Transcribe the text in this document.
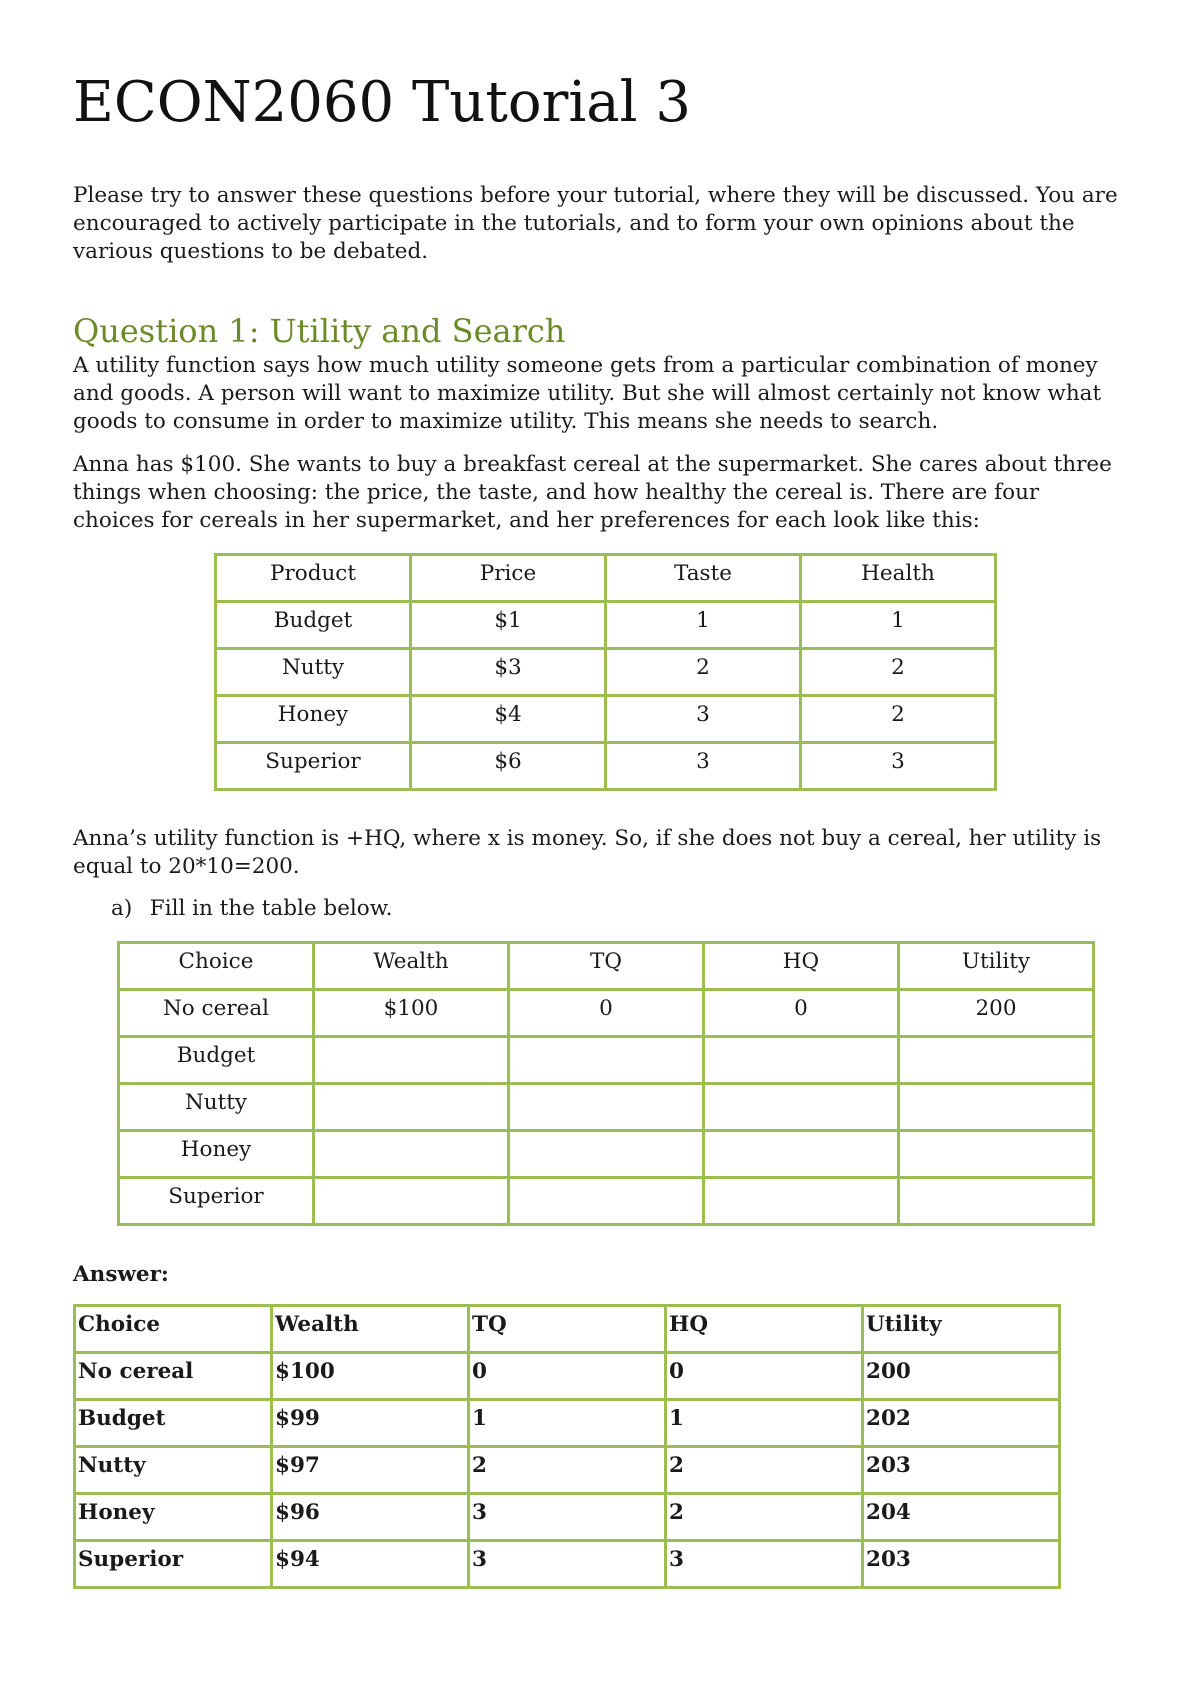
ECON2060 Tutorial 3

Please try to answer these questions before your tutorial, where they will be discussed. You are encouraged to actively participate in the tutorials, and to form your own opinions about the various questions to be debated.

Question 1: Utility and Search

A utility function says how much utility someone gets from a particular combination of money and goods. A person will want to maximize utility. But she will almost certainly not know what goods to consume in order to maximize utility. This means she needs to search.

Anna has $100. She wants to buy a breakfast cereal at the supermarket. She cares about three things when choosing: the price, the taste, and how healthy the cereal is. There are four choices for cereals in her supermarket, and her preferences for each look like this:

Product	Price	Taste	Health
Budget	$1	1	1
Nutty	$3	2	2
Honey	$4	3	2
Superior	$6	3	3

Anna’s utility function is +HQ, where x is money. So, if she does not buy a cereal, her utility is equal to 20*10=200.

a)  Fill in the table below.

Choice	Wealth	TQ	HQ	Utility
No cereal	$100	0	0	200
Budget				
Nutty				
Honey				
Superior				

Answer:

Choice	Wealth	TQ	HQ	Utility
No cereal	$100	0	0	200
Budget	$99	1	1	202
Nutty	$97	2	2	203
Honey	$96	3	2	204
Superior	$94	3	3	203
